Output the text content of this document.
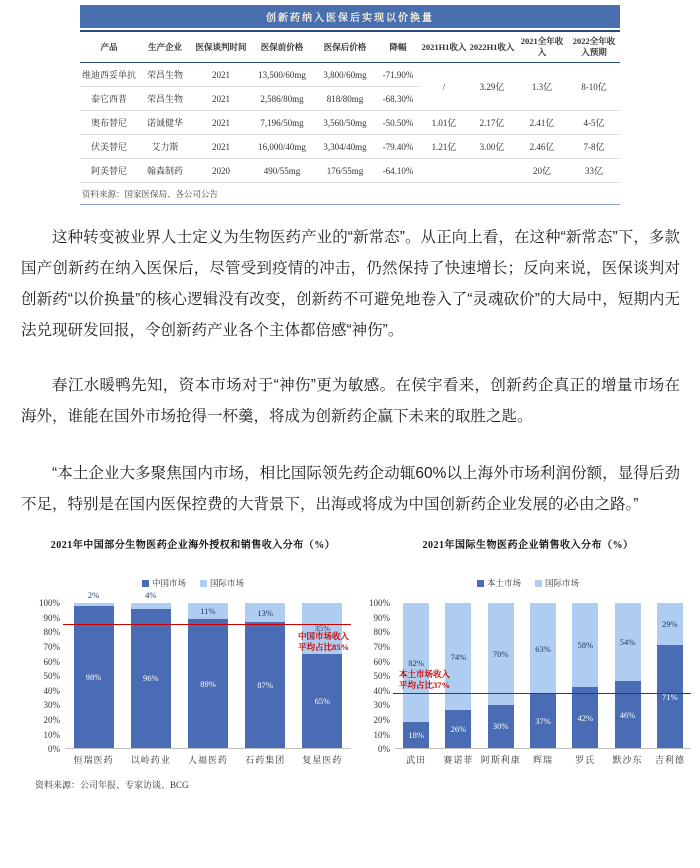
创新药纳入医保后实现以价换量
产品	生产企业	医保谈判时间	医保前价格	医保后价格	降幅	2021H1收入	2022H1收入	2021全年收入	2022全年收入预期
维迪西妥单抗	荣昌生物	2021	13,500/60mg	3,800/60mg	-71.90%	/	3.29亿	1.3亿	8-10亿
泰它西普	荣昌生物	2021	2,586/80mg	818/80mg	-68.30%				
奥布替尼	诺诚健华	2021	7,196/50mg	3,560/50mg	-50.50%	1.01亿	2.17亿	2.41亿	4-5亿
伏美替尼	艾力斯	2021	16,000/40mg	3,304/40mg	-79.40%	1.21亿	3.00亿	2.46亿	7-8亿
阿美替尼	翰森制药	2020	490/55mg	176/55mg	-64.10%			20亿	33亿
资料来源：国家医保局、各公司公告

这种转变被业界人士定义为生物医药产业的“新常态”。从正向上看，在这种“新常态”下，多款国产创新药在纳入医保后，尽管受到疫情的冲击，仍然保持了快速增长；反向来说，医保谈判对创新药“以价换量”的核心逻辑没有改变，创新药不可避免地卷入了“灵魂砍价”的大局中，短期内无法兑现研发回报，令创新药产业各个主体都倍感“神伤”。

春江水暖鸭先知，资本市场对于“神伤”更为敏感。在侯宇看来，创新药企真正的增量市场在海外，谁能在国外市场抢得一杯羹，将成为创新药企赢下未来的取胜之匙。

“本土企业大多聚焦国内市场，相比国际领先药企动辄60%以上海外市场利润份额，显得后劲不足，特别是在国内医保控费的大背景下，出海或将成为中国创新药企业发展的必由之路。”

2021年中国部分生物医药企业海外授权和销售收入分布（%）
中国市场	国际市场
0%
10%
20%
30%
40%
50%
60%
70%
80%
90%
100%
2%
98%
4%
96%
11%
89%
13%
87%
35%
65%
中国市场收入
平均占比85%
恒瑞医药	以岭药业	人福医药	石药集团	复星医药
2021年国际生物医药企业销售收入分布（%）
本土市场	国际市场
0%
10%
20%
30%
40%
50%
60%
70%
80%
90%
100%
82%
18%
74%
26%
70%
30%
63%
37%
58%
42%
54%
46%
29%
71%
本土市场收入
平均占比37%
武田	赛诺菲 阿斯利康	辉瑞	罗氏	默沙东	吉利德
资料来源：公司年报、专家访谈、BCG
